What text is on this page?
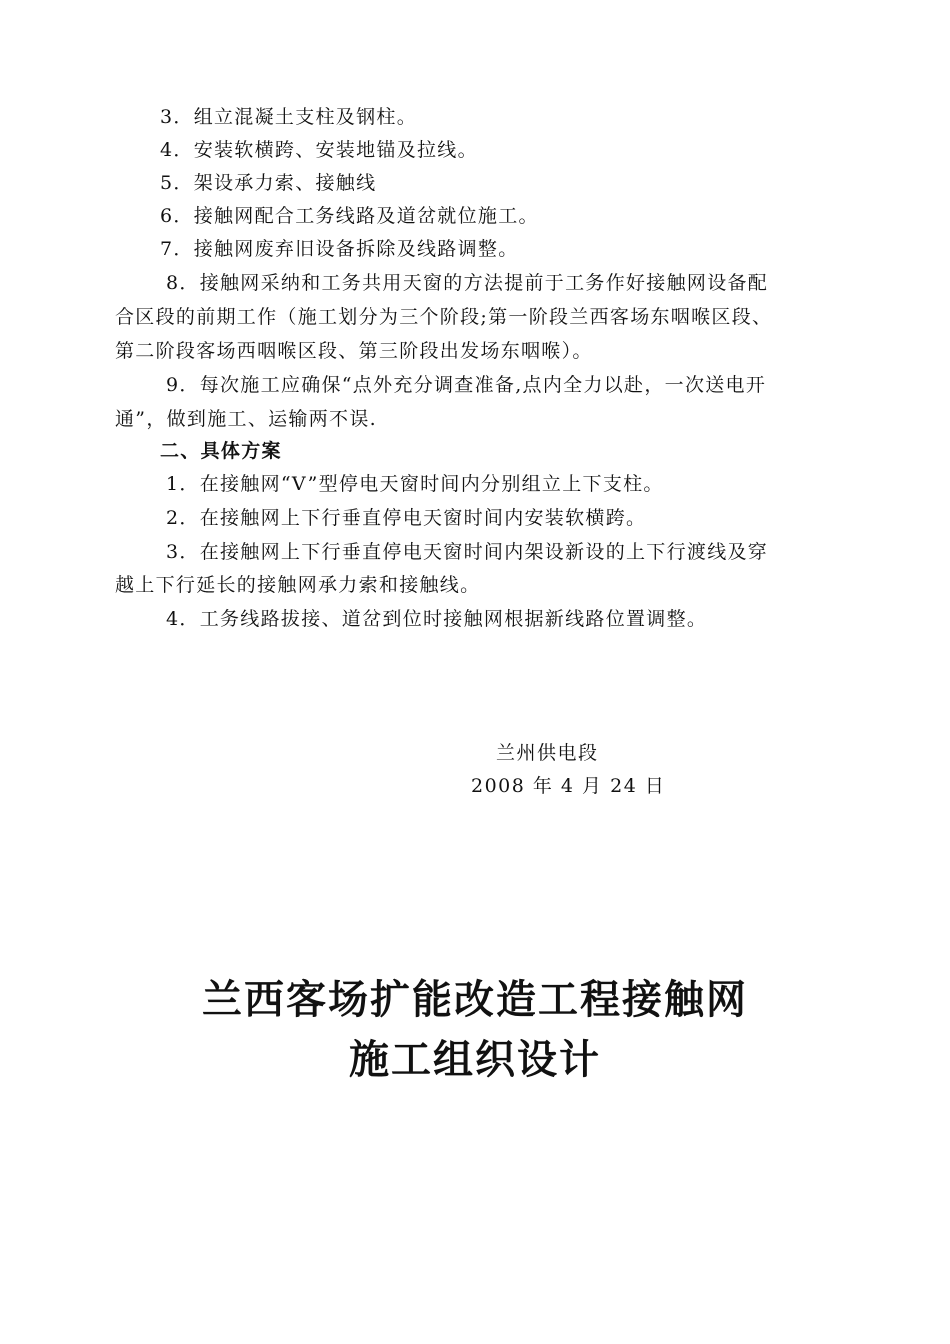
3．组立混凝土支柱及钢柱。
4．安装软横跨、安装地锚及拉线。
5．架设承力索、接触线
6．接触网配合工务线路及道岔就位施工。
7．接触网废弃旧设备拆除及线路调整。
8．接触网采纳和工务共用天窗的方法提前于工务作好接触网设备配
合区段的前期工作（施工划分为三个阶段;第一阶段兰西客场东咽喉区段、
第二阶段客场西咽喉区段、第三阶段出发场东咽喉）。
9．每次施工应确保“点外充分调查准备,点内全力以赴，一次送电开
通”，做到施工、运输两不误.
二、具体方案
1．在接触网“V”型停电天窗时间内分别组立上下支柱。
2．在接触网上下行垂直停电天窗时间内安装软横跨。
3．在接触网上下行垂直停电天窗时间内架设新设的上下行渡线及穿
越上下行延长的接触网承力索和接触线。
4．工务线路拔接、道岔到位时接触网根据新线路位置调整。
兰州供电段
2008 年 4 月 24 日
兰西客场扩能改造工程接触网
施工组织设计
